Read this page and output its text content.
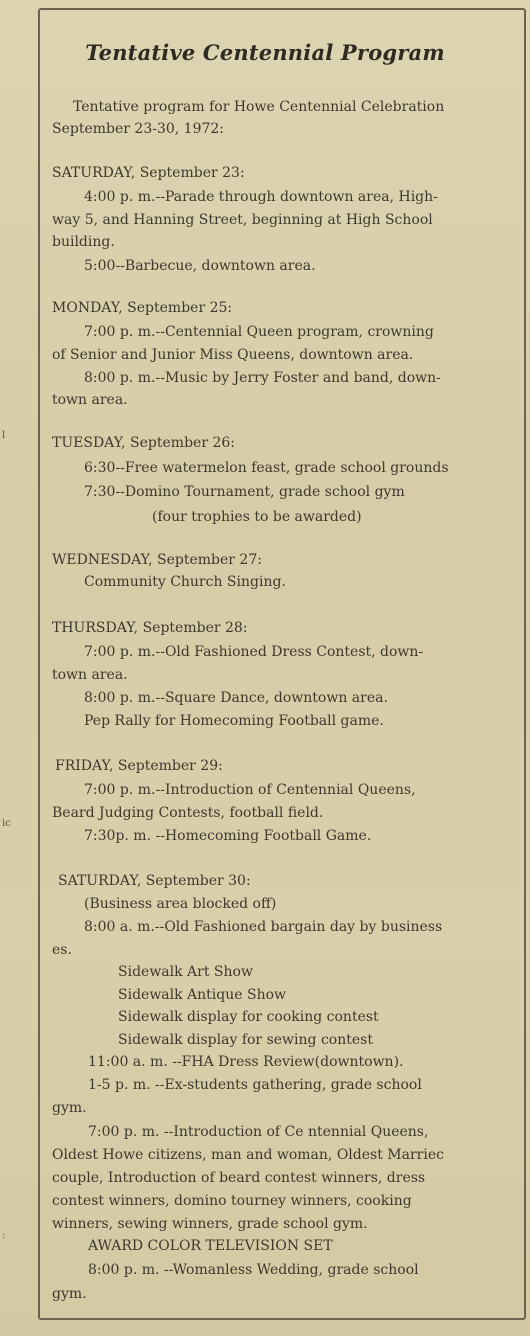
l
ic
:
Tentative Centennial Program
Tentative program for Howe Centennial Celebration
September 23-30, 1972:
SATURDAY, September 23:
4:00 p. m.--Parade through downtown area, High-
way 5, and Hanning Street, beginning at High School
building.
5:00--Barbecue, downtown area.
MONDAY, September 25:
7:00 p. m.--Centennial Queen program, crowning
of Senior and Junior Miss Queens, downtown area.
8:00 p. m.--Music by Jerry Foster and band, down-
town area.
TUESDAY, September 26:
6:30--Free watermelon feast, grade school grounds
7:30--Domino Tournament, grade school gym
(four trophies to be awarded)
WEDNESDAY, September 27:
Community Church Singing.
THURSDAY, September 28:
7:00 p. m.--Old Fashioned Dress Contest, down-
town area.
8:00 p. m.--Square Dance, downtown area.
Pep Rally for Homecoming Football game.
FRIDAY, September 29:
7:00 p. m.--Introduction of Centennial Queens,
Beard Judging Contests, football field.
7:30p. m. --Homecoming Football Game.
SATURDAY, September 30:
(Business area blocked off)
8:00 a. m.--Old Fashioned bargain day by business
es.
Sidewalk Art Show
Sidewalk Antique Show
Sidewalk display for cooking contest
Sidewalk display for sewing contest
11:00 a. m. --FHA Dress Review(downtown).
1-5 p. m. --Ex-students gathering, grade school
gym.
7:00 p. m. --Introduction of Ce ntennial Queens,
Oldest Howe citizens, man and woman, Oldest Marriec
couple, Introduction of beard contest winners, dress
contest winners, domino tourney winners, cooking
winners, sewing winners, grade school gym.
AWARD COLOR TELEVISION SET
8:00 p. m. --Womanless Wedding, grade school
gym.
